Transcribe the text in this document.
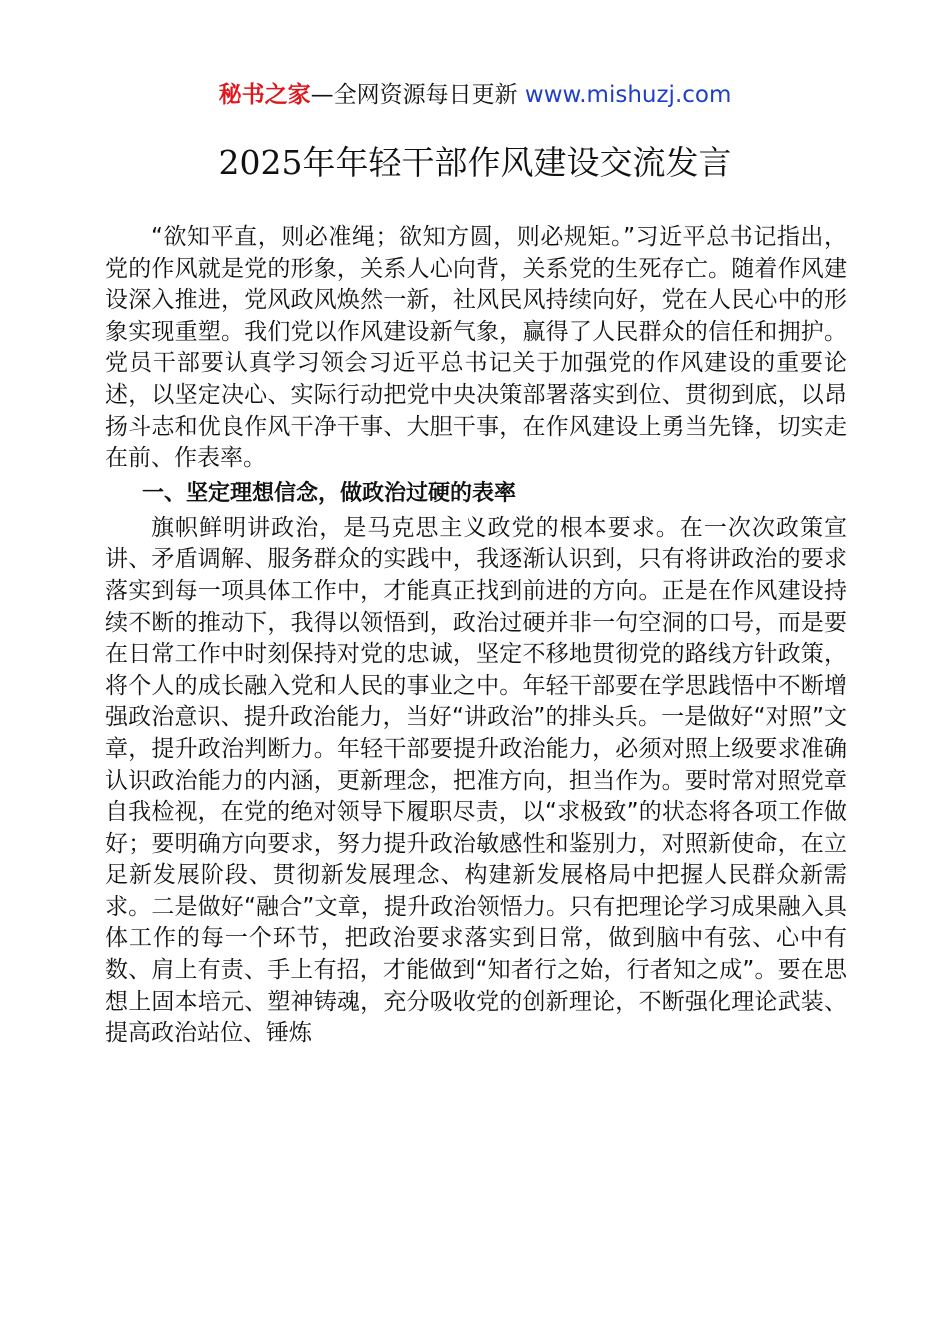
秘书之家—全网资源每日更新 www.mishuzj.com
2025年年轻干部作风建设交流发言

“欲知平直，则必准绳；欲知方圆，则必规矩。”习近平总书记指出，党的作风就是党的形象，关系人心向背，关系党的生死存亡。随着作风建设深入推进，党风政风焕然一新，社风民风持续向好，党在人民心中的形象实现重塑。我们党以作风建设新气象，赢得了人民群众的信任和拥护。党员干部要认真学习领会习近平总书记关于加强党的作风建设的重要论述，以坚定决心、实际行动把党中央决策部署落实到位、贯彻到底，以昂扬斗志和优良作风干净干事、大胆干事，在作风建设上勇当先锋，切实走在前、作表率。

一、坚定理想信念，做政治过硬的表率

旗帜鲜明讲政治，是马克思主义政党的根本要求。在一次次政策宣讲、矛盾调解、服务群众的实践中，我逐渐认识到，只有将讲政治的要求落实到每一项具体工作中，才能真正找到前进的方向。正是在作风建设持续不断的推动下，我得以领悟到，政治过硬并非一句空洞的口号，而是要在日常工作中时刻保持对党的忠诚，坚定不移地贯彻党的路线方针政策，将个人的成长融入党和人民的事业之中。年轻干部要在学思践悟中不断增强政治意识、提升政治能力，当好“讲政治”的排头兵。一是做好“对照”文章，提升政治判断力。年轻干部要提升政治能力，必须对照上级要求准确认识政治能力的内涵，更新理念，把准方向，担当作为。要时常对照党章自我检视，在党的绝对领导下履职尽责，以“求极致”的状态将各项工作做好；要明确方向要求，努力提升政治敏感性和鉴别力，对照新使命，在立足新发展阶段、贯彻新发展理念、构建新发展格局中把握人民群众新需求。二是做好“融合”文章，提升政治领悟力。只有把理论学习成果融入具体工作的每一个环节，把政治要求落实到日常，做到脑中有弦、心中有数、肩上有责、手上有招，才能做到“知者行之始，行者知之成”。要在思想上固本培元、塑神铸魂，充分吸收党的创新理论，不断强化理论武装、提高政治站位、锤炼
